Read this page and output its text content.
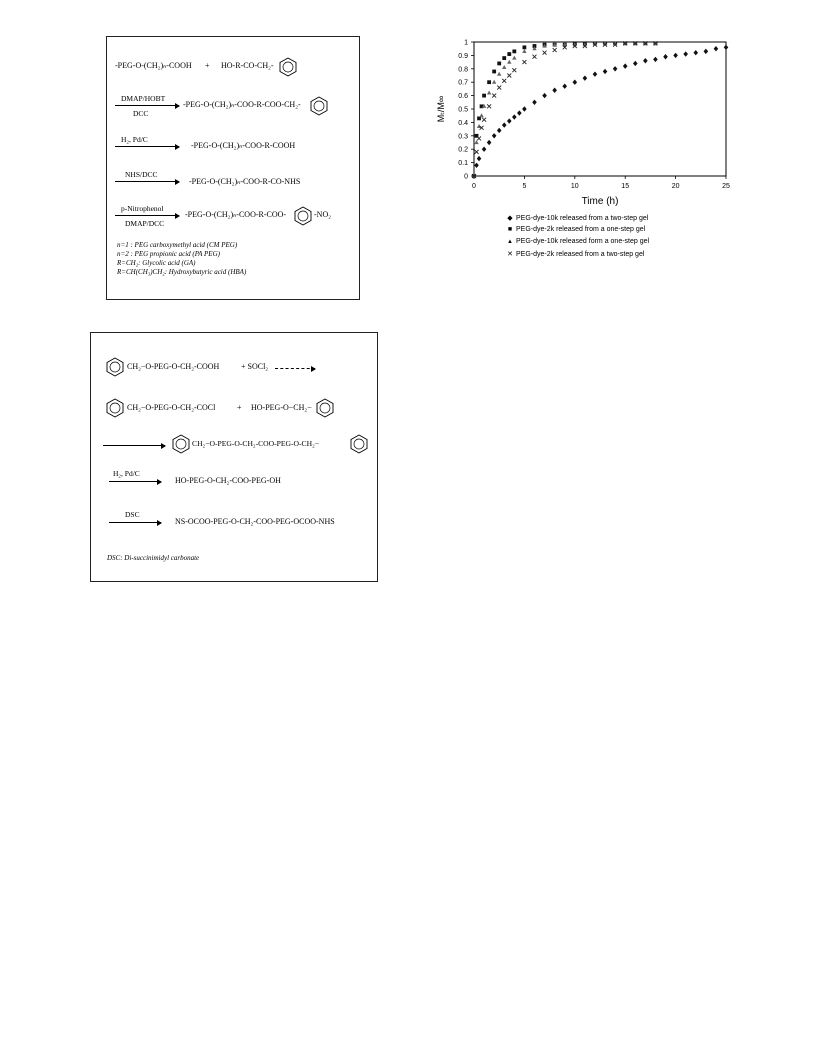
-PEG-O-(CH₂)ₙ-COOH + HO-R-CO-CH₂-
DMAP/HOBT
DCC
-PEG-O-(CH₂)ₙ-COO-R-COO-CH₂-
H₂, Pd/C
→ -PEG-O-(CH₂)ₙ-COO-R-COOH
NHS/DCC
→ -PEG-O-(CH₂)ₙ-COO-R-CO-NHS
p-Nitrophenol
DMAP/DCC
-PEG-O-(CH₂)ₙ-COO-R-COO-	-NO₂
n=1 : PEG carboxymethyl acid (CM PEG)
n=2 : PEG propionic acid (PA PEG)
R=CH₂: Glycolic acid (GA)
R=CH(CH₃)CH₂: Hydroxybutyric acid (HBA)
CH₂−O-PEG-O-CH₂-COOH	+ SOCl₂ →
CH₂−O-PEG-O-CH₂-COCl	+ HO-PEG-O−CH₂−
CH₂−O-PEG-O-CH₂-COO-PEG-O-CH₂−
H₂, Pd/C
→ HO-PEG-O-CH₂-COO-PEG-OH
DSC
→ NS-OCOO-PEG-O-CH₂-COO-PEG-OCOO-NHS
DSC: Di-succinimidyl carbonate
0
0.1
0.2
0.3
0.4
0.5
0.6
0.7
0.8
0.9
1
0	5	10	15	20	25
Time (h)
Mₜ/M∞
◆ PEG-dye-10k released from a two-step gel
■ PEG-dye-2k released from a one-step gel
▲ PEG-dye-10k released form a one-step gel
✕ PEG-dye-2k released from a two-step gel
